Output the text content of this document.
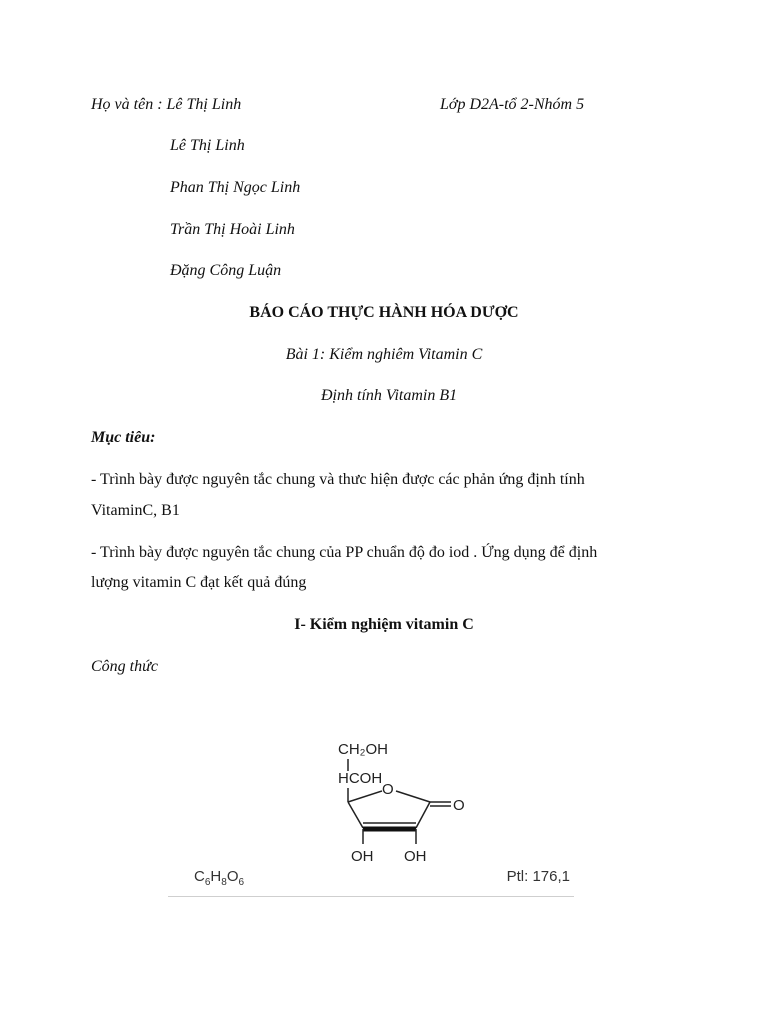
Họ và tên : Lê Thị Linh	Lớp D2A-tổ 2-Nhóm 5
Lê Thị Linh
Phan Thị Ngọc Linh
Trần Thị Hoài Linh
Đặng Công Luận
BÁO CÁO THỰC HÀNH HÓA DƯỢC
Bài 1: Kiểm nghiêm Vitamin C
Định tính Vitamin B1
Mục tiêu:
- Trình bày được nguyên tắc chung và thưc hiện được các phản ứng định tính
VitaminC, B1
- Trình bày được nguyên tắc chung của PP chuẩn độ đo iod . Ứng dụng để định
lượng vitamin C đạt kết quả đúng
I- Kiểm nghiệm vitamin C
Công thức
CH₂OH
HCOH
O
O
OH OH
$C_6H_8O_6$	Ptl: 176,1
